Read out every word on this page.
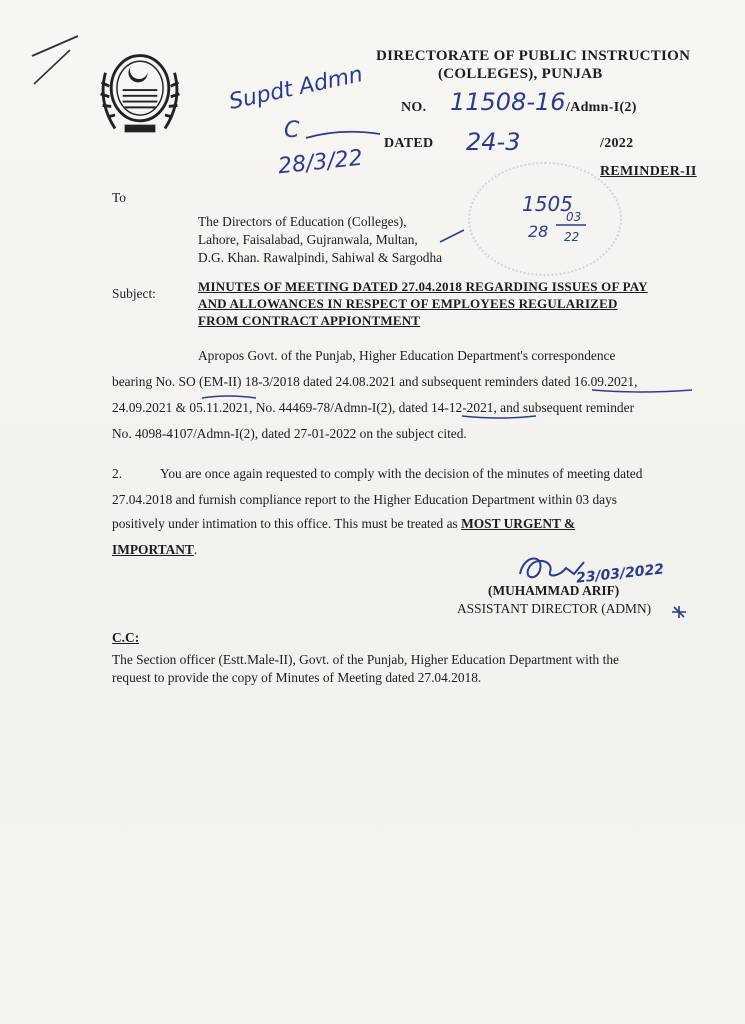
DIRECTORATE OF PUBLIC INSTRUCTION
(COLLEGES), PUNJAB
NO. 11508-16 /Admn-I(2)
DATED 24-3	/2022
REMINDER-II
Supdt Admn
C
28/3/22
1505
28
03
22
To
The Directors of Education (Colleges),
Lahore, Faisalabad, Gujranwala, Multan,
D.G. Khan. Rawalpindi, Sahiwal & Sargodha
Subject:	MINUTES OF MEETING DATED 27.04.2018 REGARDING ISSUES OF PAY
AND ALLOWANCES IN RESPECT OF EMPLOYEES REGULARIZED
FROM CONTRACT APPIONTMENT
Apropos Govt. of the Punjab, Higher Education Department's correspondence
bearing No. SO (EM-II) 18-3/2018 dated 24.08.2021 and subsequent reminders dated 16.09.2021,
24.09.2021 & 05.11.2021, No. 44469-78/Admn-I(2), dated 14-12-2021, and subsequent reminder
No. 4098-4107/Admn-I(2), dated 27-01-2022 on the subject cited.
2.	You are once again requested to comply with the decision of the minutes of meeting dated
27.04.2018 and furnish compliance report to the Higher Education Department within 03 days
positively under intimation to this office. This must be treated as MOST URGENT &
IMPORTANT.
23/03/2022
(MUHAMMAD ARIF)
ASSISTANT DIRECTOR (ADMN)
C.C:
The Section officer (Estt.Male-II), Govt. of the Punjab, Higher Education Department with the
request to provide the copy of Minutes of Meeting dated 27.04.2018.
